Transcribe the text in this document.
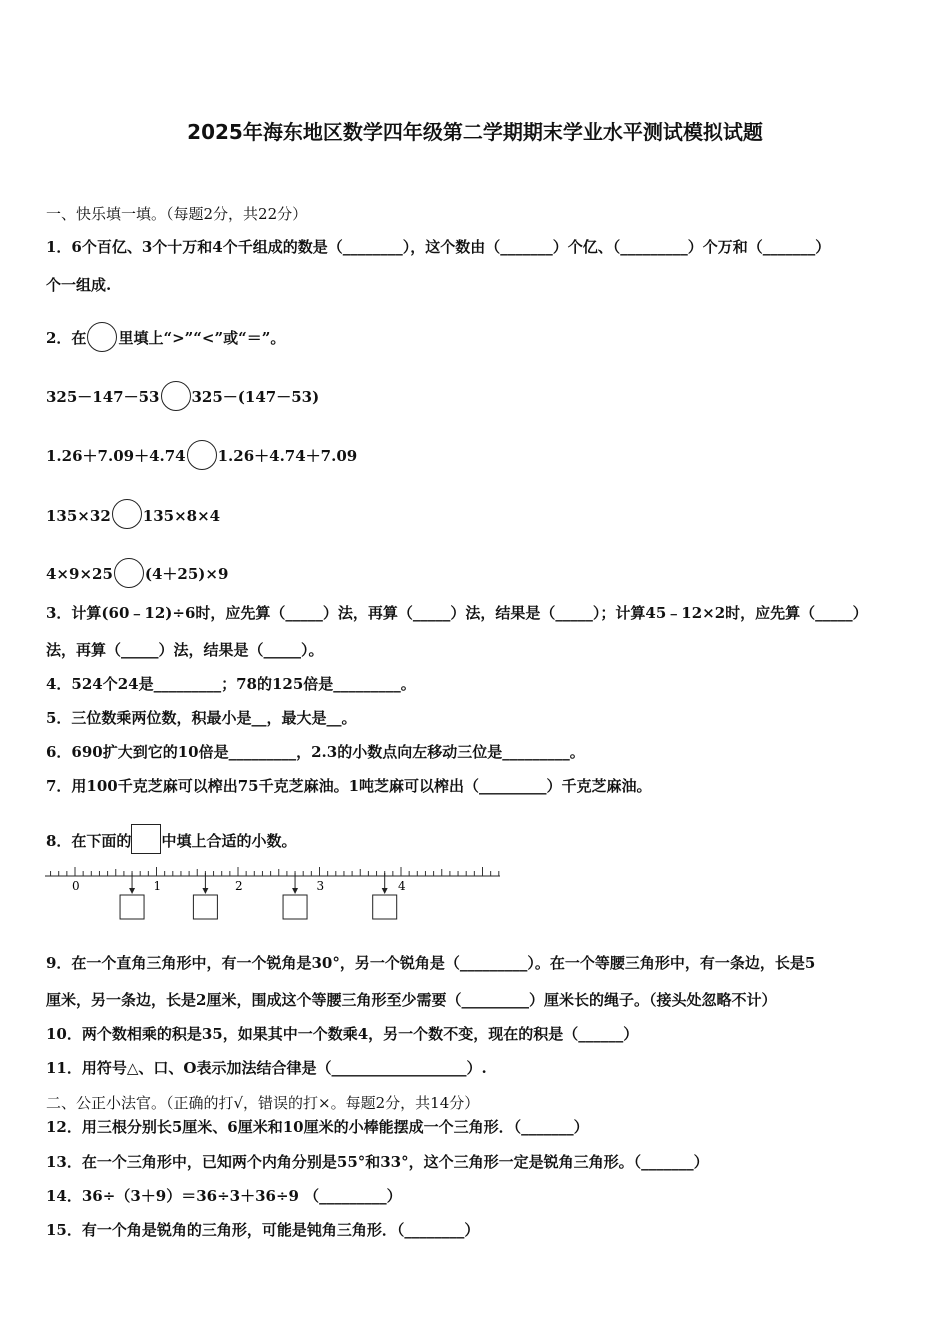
2025年海东地区数学四年级第二学期期末学业水平测试模拟试题
一、快乐填一填。（每题2分，共22分）
1．6个百亿、3个十万和4个千组成的数是（________），这个数由（_______）个亿、（_________）个万和（_______）
个一组成.
2．在 里填上“>”“<”或“＝”。
325－147－53 325－(147－53)
1.26＋7.09＋4.74 1.26＋4.74＋7.09
135×32 135×8×4
4×9×25 (4＋25)×9
3．计算(60﹣12)÷6时，应先算（_____）法，再算（_____）法，结果是（_____）；计算45﹣12×2时，应先算（_____）
法，再算（_____）法，结果是（_____）。
4．524个24是_________；78的125倍是_________。
5．三位数乘两位数，积最小是__，最大是__。
6．690扩大到它的10倍是_________，2.3的小数点向左移动三位是_________。
7．用100千克芝麻可以榨出75千克芝麻油。1吨芝麻可以榨出（_________）千克芝麻油。
8．在下面的 中填上合适的小数。
0	1	2	3	4
9．在一个直角三角形中，有一个锐角是30°，另一个锐角是（_________）。在一个等腰三角形中，有一条边，长是5
厘米，另一条边，长是2厘米，围成这个等腰三角形至少需要（_________）厘米长的绳子。（接头处忽略不计）
10．两个数相乘的积是35，如果其中一个数乘4，另一个数不变，现在的积是（______）
11．用符号△、口、O表示加法结合律是（__________________）.
二、公正小法官。（正确的打√，错误的打×。每题2分，共14分）
12．用三根分别长5厘米、6厘米和10厘米的小棒能摆成一个三角形．（_______）
13．在一个三角形中，已知两个内角分别是55°和33°，这个三角形一定是锐角三角形。（_______）
14．36÷（3＋9）＝36÷3＋36÷9 （_________）
15．有一个角是锐角的三角形，可能是钝角三角形．（________）
